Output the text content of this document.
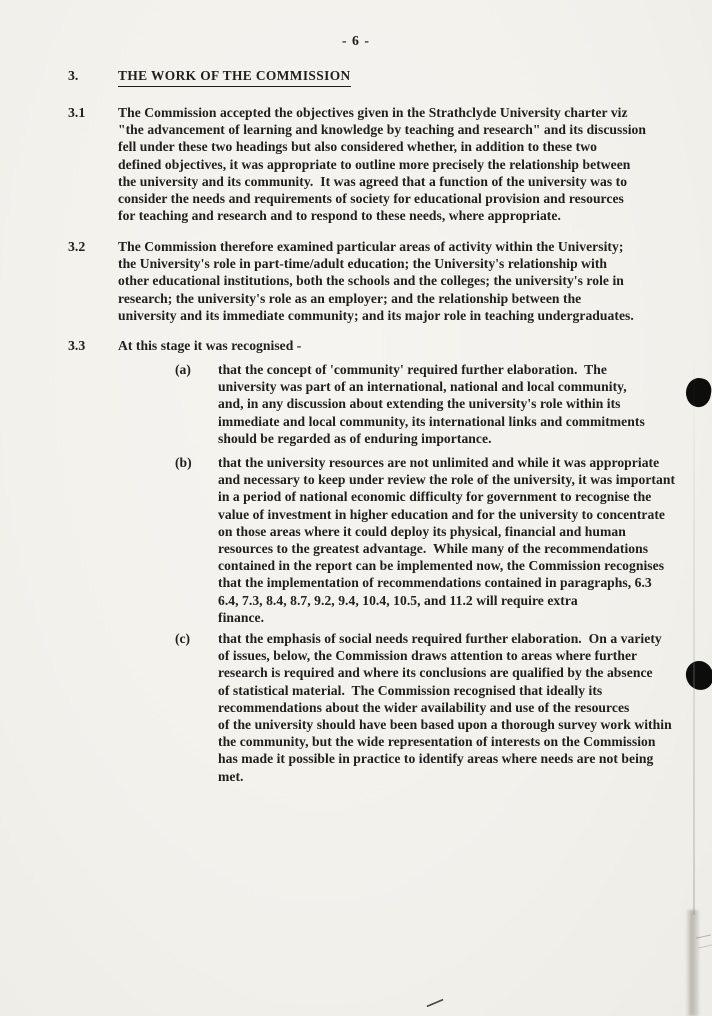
- 6 -
3.	THE WORK OF THE COMMISSION
3.1 The Commission accepted the objectives given in the Strathclyde University charter viz
"the advancement of learning and knowledge by teaching and research" and its discussion
fell under these two headings but also considered whether, in addition to these two
defined objectives, it was appropriate to outline more precisely the relationship between
the university and its community.  It was agreed that a function of the university was to
consider the needs and requirements of society for educational provision and resources
for teaching and research and to respond to these needs, where appropriate.
3.2 The Commission therefore examined particular areas of activity within the University;
the University's role in part-time/adult education; the University's relationship with
other educational institutions, both the schools and the colleges; the university's role in
research; the university's role as an employer; and the relationship between the
university and its immediate community; and its major role in teaching undergraduates.
3.3 At this stage it was recognised -
(a) that the concept of 'community' required further elaboration.  The
university was part of an international, national and local community,
and, in any discussion about extending the university's role within its
immediate and local community, its international links and commitments
should be regarded as of enduring importance.
(b) that the university resources are not unlimited and while it was appropriate
and necessary to keep under review the role of the university, it was important
in a period of national economic difficulty for government to recognise the
value of investment in higher education and for the university to concentrate
on those areas where it could deploy its physical, financial and human
resources to the greatest advantage.  While many of the recommendations
contained in the report can be implemented now, the Commission recognises
that the implementation of recommendations contained in paragraphs, 6.3
6.4, 7.3, 8.4, 8.7, 9.2, 9.4, 10.4, 10.5, and 11.2 will require extra
finance.
(c) that the emphasis of social needs required further elaboration.  On a variety
of issues, below, the Commission draws attention to areas where further
research is required and where its conclusions are qualified by the absence
of statistical material.  The Commission recognised that ideally its
recommendations about the wider availability and use of the resources
of the university should have been based upon a thorough survey work within
the community, but the wide representation of interests on the Commission
has made it possible in practice to identify areas where needs are not being
met.
